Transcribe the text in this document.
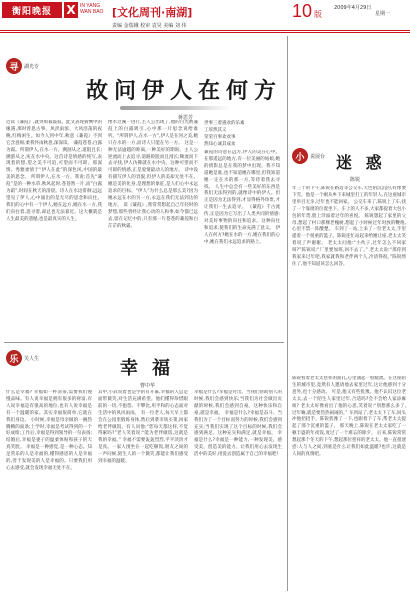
衡阳晚报	X IN YANG
WAN BAO [文化周刊·南湖]	10 版
2009年4月29日
星期一
责编 金瑞娥 校审 袁昊 美编 刘 伟
寻	湖光专
故问伊人在何方
蒋思芳
近读《蒹葭》,就突如暮鼓寂。此文表现猜恻中的缘遇,那时曾思古事、风淡雨浓、大风浩荡的夜晚,红梅闲生。如今人到中年,秋意《蒹葭》不到它含意绵,柔我怀雨秋意,深深读。 蒹葭苍苍,白露为霜。所谓伊人,在水一方。溯洄从之,道阻且长;溯游从之,宛在水中央。这首诗是情感的纯写,表现着的想,望之美不可追,可望而不可即。那深情、秀雅柔情于“伊人在此”的深色风,中国的最美的思念。 所谓伊人,在水一方。我说:首先“蒹葭”是的一种水草,秋风起时,苍苍然一片,而“白露为霜”,时间在秋天的清晨。诗人在水边徘徊,远远望见了伊人,心中涌出的是无尽的思念和向往。 我们的心中有一个伊人,她在远方,她在水一方,我们向往着,追寻着,却总也无法靠近。这大概就是人生最美的遗憾,也是最真实的人生。
像水过溪一进行,主人公出现了,他的目光被蒹葭上的白露吸引,心中那一片思念说给谁听。“所谓伊人,在水一方”,伊人是在河之美,她只在水的一方,而诗人只能在另一方。 这是一种无法逾越的距离,一种美好的期盼。主人公逆流而上去追寻,道路险阻而且漫长;顺流而下去寻找,伊人仿佛就在水中央。这种可望而不可即的情感,正是爱情最动人的地方。 诗中没有描写伊人的容貌,但伊人的美却无处不在。她是美的化身,是理想的象征,是人们心中永远追求的目标。“伊人”为什么总是那么美?因为她永远在水的另一方,永远在我们无法到达的地方。 读《蒹葭》,我常常想起自己年轻时的梦想,那些曾经让我心动的人和事,如今都已远去,留在记忆中的,只有那一片苍苍的蒹葭和白茫茫的秋霜。
世事三着遇欢的乐素
工厚然其义
荣荣百事欢欢事
然知心诚其成欢
蒹葭的诗意在远方,伊人的美在心中。 在那遥远的地方,有一位美丽的姑娘,她的倩影总是在我的梦中出现。我不知道她是谁,也不知道她在哪里,但我知道她一定在水的那一方,等待着我去寻找。 人生中总会有一些美好的东西是我们无法得到的,就像诗中的伊人。但正是因为无法得到,才显得格外珍贵,才让我们一生去追寻。 《蒹葭》千古流传,正是因为它写出了人类共同的情感:对美好事物的向往和追求。这种向往和追求,使我们的生命充满了意义。 伊人在何方?她在水的一方,她在我们的心中,她在我们永远追求的路上。
乐	芙人生	幸福
曹中华
什么是幸福? 幸福如一杯清茶,需要我们慢慢品味。有人说幸福是拥有很多的财富,有人说幸福是有很高的地位,也有人说幸福是有一个温暖的家。其实幸福很简单,它就在我们身边。 小时候,幸福是母亲做的一碗热腾腾的面条;上学时,幸福是考试得到的一个好成绩;工作后,幸福是得到领导的一句表扬;结婚后,幸福是妻子的温柔体贴和孩子的天真笑脸。 幸福是一种感觉,是一种心态。知足常乐的人是幸福的,懂得感恩的人是幸福的,善于发现美的人是幸福的。只要我们用心去感受,就会发现幸福无处不在。
其中,小武说着也是学的有开幕,幸福的人总是面带微笑,对生活充满希望。他们懂得珍惜眼前的一切,不抱怨、不攀比,用平和的心态面对生活中的风风雨雨。 有一位老人,每天早上都会在公园里锻炼身体,然后到菜市场买菜,回家给老伴做饭。有人问他:“您每天都这样,不觉得累吗?”老人笑着说:“能为老伴做饭,这就是我的幸福。” 幸福不需要轰轰烈烈,平平淡淡才是真。一家人围坐在一起吃顿饭,朋友之间的一声问候,陌生人的一个微笑,都能让我们感受到幸福的温暖。
幸福是什么?幸福是付出。当我们帮助别人的时候,我们会感到快乐;当我们为社会做出贡献的时候,我们会感到自豪。这种快乐和自豪,就是幸福。 幸福是什么?幸福是奋斗。当我们为了一个目标而努力的时候,我们会感到充实;当我们实现了这个目标的时候,我们会感到满足。这种充实和满足,就是幸福。 幸福是什么?幸福是一种能力,一种发现美、感受美、创造美的能力。让我们用心去发现生活中的美好,用爱去创造属于自己的幸福吧!
小	说展台 迷 惑
陈锐
年三十的下午,陈锐在路边等公交车,天色阴沉沉的,好像要下雪。他是一个刚从乡下来城里打工的年轻人,在这座城市里举目无亲,过年也不能回家。 公交车来了,陈锐上了车,找了一个靠窗的位置坐下。车上的人不多,大家都提着大包小包的年货,脸上洋溢着过年的喜悦。 陈锐想起了家里的父母,想起了村口那棵老槐树,想起了小时候过年时放的鞭炮,心里不禁一阵酸楚。 车到了一站,上来了一位老太太,手里提着一个很重的篮子。陈锐连忙站起来给她让座,老太太笑着说了声谢谢。 老太太问他:“小伙子,过年怎么不回家呀?”陈锐说:“厂里要加班,回不去了。” 老太太说:“那你到我家来过年吧,我家就我和老伴两个人,冷清得很。”陈锐愣住了,他不知道该怎么回答。
陈锐看着老太太慈祥的面孔,心里涌起一股暖流。在这座陌生的城市里,竟然有人邀请他去家里过年,这让他感到十分意外,也十分感动。 可是,他又有些犹豫。他不认识这位老太太,去一个陌生人家里过年,合适吗?会不会给人家添麻烦? 老太太好像看出了他的心思,笑着说:“别想那么多了,过年嘛,就是要热热闹闹的。” 车到站了,老太太下了车,回头冲他招招手。陈锐犹豫了一下,也跟着下了车,帮老太太提起了那个沉重的篮子。 那天晚上,陈锐在老太太家吃了一顿丰盛的年夜饭,度过了一个难忘的除夕。 后来,陈锐常常想起那个冬天的下午,想起那位慈祥的老太太。他一直很迷惑:人与人之间,到底是什么让我们如此温暖?也许,这就是人间的真情吧。
